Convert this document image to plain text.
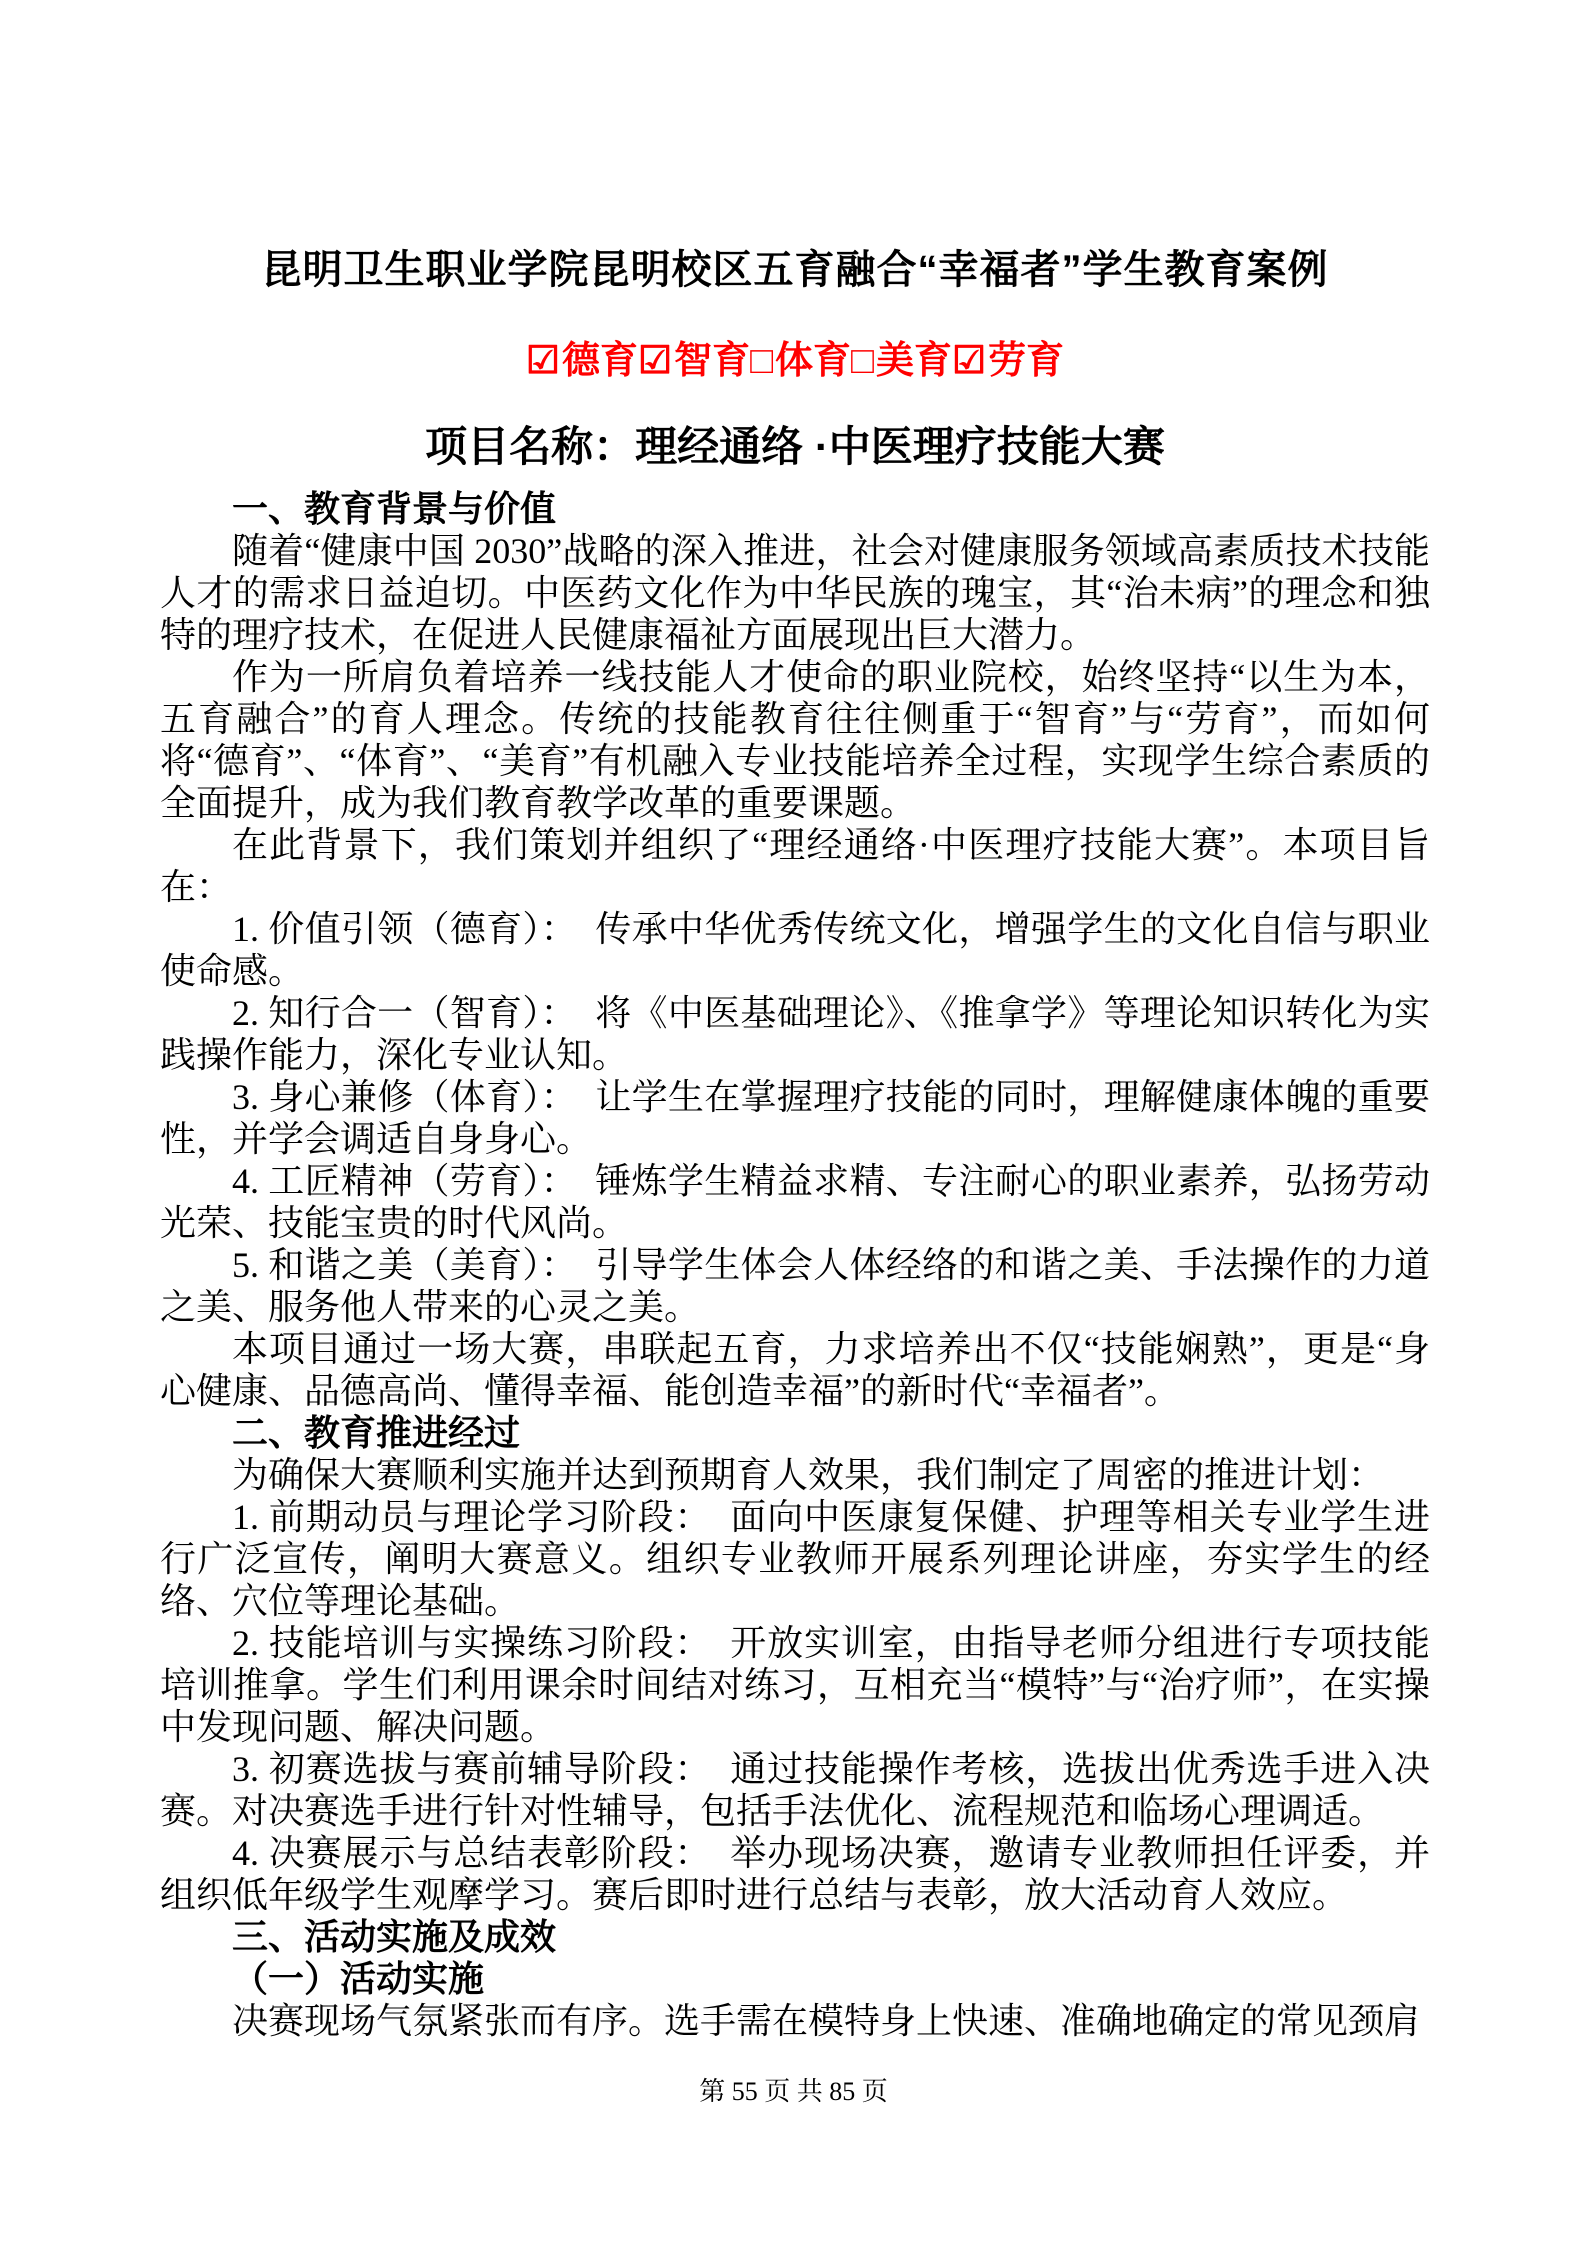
昆明卫生职业学院昆明校区五育融合“幸福者”学生教育案例
☑德育☑智育□体育□美育☑劳育
项目名称：理经通络 ·中医理疗技能大赛

一、教育背景与价值

随着“健康中国 2030”战略的深入推进，社会对健康服务领域高素质技术技能人才的需求日益迫切。中医药文化作为中华民族的瑰宝，其“治未病”的理念和独特的理疗技术，在促进人民健康福祉方面展现出巨大潜力。

作为一所肩负着培养一线技能人才使命的职业院校，始终坚持“以生为本，五育融合”的育人理念。传统的技能教育往往侧重于“智育”与“劳育”，而如何将“德育”、“体育”、“美育”有机融入专业技能培养全过程，实现学生综合素质的全面提升，成为我们教育教学改革的重要课题。

在此背景下，我们策划并组织了“理经通络·中医理疗技能大赛”。本项目旨在：

1. 价值引领（德育）：　传承中华优秀传统文化，增强学生的文化自信与职业使命感。

2. 知行合一（智育）：　将《中医基础理论》、《推拿学》等理论知识转化为实践操作能力，深化专业认知。

3. 身心兼修（体育）：　让学生在掌握理疗技能的同时，理解健康体魄的重要性，并学会调适自身身心。

4. 工匠精神（劳育）：　锤炼学生精益求精、专注耐心的职业素养，弘扬劳动光荣、技能宝贵的时代风尚。

5. 和谐之美（美育）：　引导学生体会人体经络的和谐之美、手法操作的力道之美、服务他人带来的心灵之美。

本项目通过一场大赛，串联起五育，力求培养出不仅“技能娴熟”，更是“身心健康、品德高尚、懂得幸福、能创造幸福”的新时代“幸福者”。

二、教育推进经过

为确保大赛顺利实施并达到预期育人效果，我们制定了周密的推进计划：

1. 前期动员与理论学习阶段：　面向中医康复保健、护理等相关专业学生进行广泛宣传，阐明大赛意义。组织专业教师开展系列理论讲座，夯实学生的经络、穴位等理论基础。

2. 技能培训与实操练习阶段：　开放实训室，由指导老师分组进行专项技能培训推拿。学生们利用课余时间结对练习，互相充当“模特”与“治疗师”，在实操中发现问题、解决问题。

3. 初赛选拔与赛前辅导阶段：　通过技能操作考核，选拔出优秀选手进入决赛。对决赛选手进行针对性辅导，包括手法优化、流程规范和临场心理调适。

4. 决赛展示与总结表彰阶段：　举办现场决赛，邀请专业教师担任评委，并组织低年级学生观摩学习。赛后即时进行总结与表彰，放大活动育人效应。

三、活动实施及成效

（一）活动实施

决赛现场气氛紧张而有序。选手需在模特身上快速、准确地确定的常见颈肩

第 55 页 共 85 页
